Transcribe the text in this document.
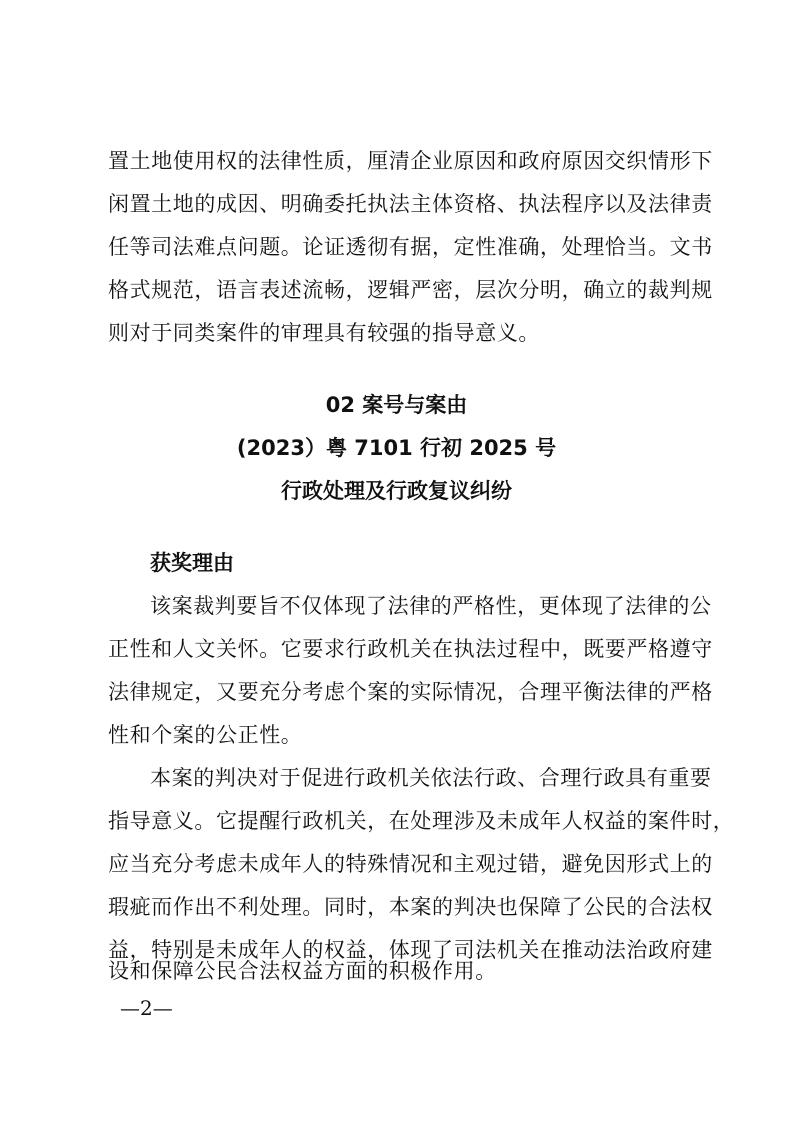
置土地使用权的法律性质，厘清企业原因和政府原因交织情形下
闲置土地的成因、明确委托执法主体资格、执法程序以及法律责
任等司法难点问题。论证透彻有据，定性准确，处理恰当。文书
格式规范，语言表述流畅，逻辑严密，层次分明，确立的裁判规
则对于同类案件的审理具有较强的指导意义。
02 案号与案由
(2023）粤 7101 行初 2025 号
行政处理及行政复议纠纷
获奖理由
该案裁判要旨不仅体现了法律的严格性，更体现了法律的公
正性和人文关怀。它要求行政机关在执法过程中，既要严格遵守
法律规定，又要充分考虑个案的实际情况，合理平衡法律的严格
性和个案的公正性。
本案的判决对于促进行政机关依法行政、合理行政具有重要
指导意义。它提醒行政机关，在处理涉及未成年人权益的案件时，
应当充分考虑未成年人的特殊情况和主观过错，避免因形式上的
瑕疵而作出不利处理。同时，本案的判决也保障了公民的合法权
益，特别是未成年人的权益，体现了司法机关在推动法治政府建
设和保障公民合法权益方面的积极作用。
—2—
